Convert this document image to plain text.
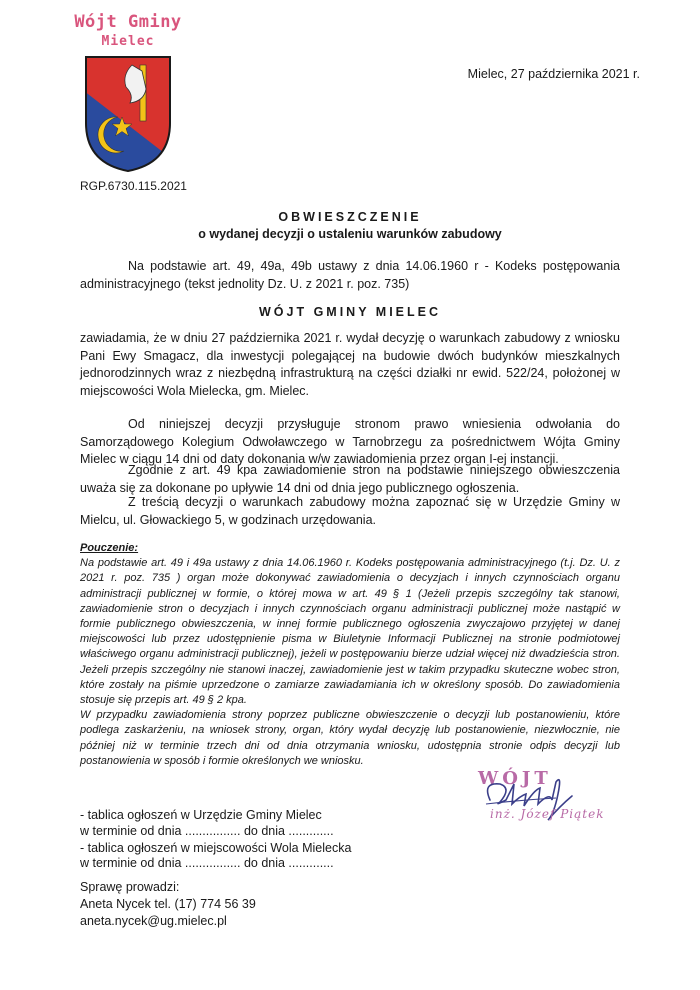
Wójt Gminy
Mielec
Mielec, 27 października 2021 r.
RGP.6730.115.2021
OBWIESZCZENIE
o wydanej decyzji o ustaleniu warunków zabudowy
Na podstawie art. 49, 49a, 49b ustawy z dnia 14.06.1960 r - Kodeks postępowania administracyjnego (tekst jednolity Dz. U. z 2021 r. poz. 735)
WÓJT GMINY MIELEC
zawiadamia, że w dniu 27 października 2021 r. wydał decyzję o warunkach zabudowy z wniosku Pani Ewy Smagacz, dla inwestycji polegającej na budowie dwóch budynków mieszkalnych jednorodzinnych wraz z niezbędną infrastrukturą na części działki nr ewid. 522/24, położonej w miejscowości Wola Mielecka, gm. Mielec.
Od niniejszej decyzji przysługuje stronom prawo wniesienia odwołania do Samorządowego Kolegium Odwoławczego w Tarnobrzegu za pośrednictwem Wójta Gminy Mielec w ciągu 14 dni od daty dokonania w/w zawiadomienia przez organ I-ej instancji.
Zgodnie z art. 49 kpa zawiadomienie stron na podstawie niniejszego obwieszczenia uważa się za dokonane po upływie 14 dni od dnia jego publicznego ogłoszenia.
Z treścią decyzji o warunkach zabudowy można zapoznać się w Urzędzie Gminy w Mielcu, ul. Głowackiego 5, w godzinach urzędowania.
Pouczenie:
Na podstawie art. 49 i 49a ustawy z dnia 14.06.1960 r. Kodeks postępowania administracyjnego (t.j. Dz. U. z 2021 r. poz. 735 ) organ może dokonywać zawiadomienia o decyzjach i innych czynnościach organu administracji publicznej w formie, o której mowa w art. 49 § 1 (Jeżeli przepis szczególny tak stanowi, zawiadomienie stron o decyzjach i innych czynnościach organu administracji publicznej może nastąpić w formie publicznego obwieszczenia, w innej formie publicznego ogłoszenia zwyczajowo przyjętej w danej miejscowości lub przez udostępnienie pisma w Biuletynie Informacji Publicznej na stronie podmiotowej właściwego organu administracji publicznej), jeżeli w postępowaniu bierze udział więcej niż dwadzieścia stron. Jeżeli przepis szczególny nie stanowi inaczej, zawiadomienie jest w takim przypadku skuteczne wobec stron, które zostały na piśmie uprzedzone o zamiarze zawiadamiania ich w określony sposób. Do zawiadomienia stosuje się przepis art. 49 § 2 kpa.
W przypadku zawiadomienia strony poprzez publiczne obwieszczenie o decyzji lub postanowieniu, które podlega zaskarżeniu, na wniosek strony, organ, który wydał decyzję lub postanowienie, niezwłocznie, nie później niż w terminie trzech dni od dnia otrzymania wniosku, udostępnia stronie odpis decyzji lub postanowienia w sposób i formie określonych we wniosku.
WÓJT
inż. Józef Piątek
- tablica ogłoszeń w Urzędzie Gminy Mielec
w terminie od dnia ................ do dnia .............
- tablica ogłoszeń w miejscowości Wola Mielecka
w terminie od dnia ................ do dnia .............
Sprawę prowadzi:
Aneta Nycek tel. (17) 774 56 39
aneta.nycek@ug.mielec.pl
